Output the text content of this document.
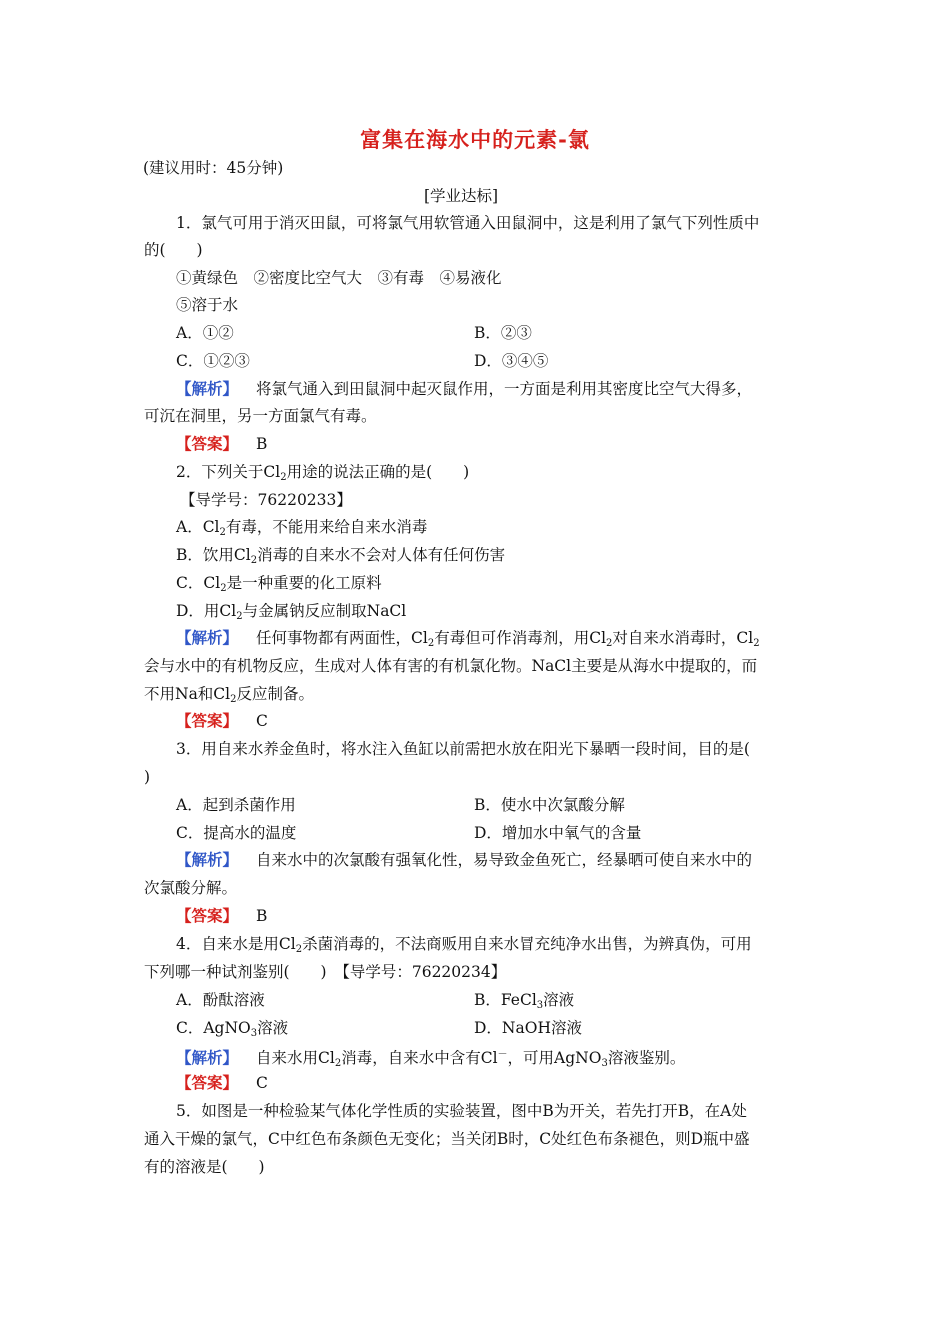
富集在海水中的元素-氯
(建议用时：45分钟)
[学业达标]
1．氯气可用于消灭田鼠，可将氯气用软管通入田鼠洞中，这是利用了氯气下列性质中
的(　　)
①黄绿色　②密度比空气大　③有毒　④易液化
⑤溶于水
A．①②	B．②③
C．①②③	D．③④⑤
【解析】 将氯气通入到田鼠洞中起灭鼠作用，一方面是利用其密度比空气大得多，
可沉在洞里，另一方面氯气有毒。
【答案】 B
2．下列关于$Cl_2$用途的说法正确的是(　　)
【导学号：76220233】
A．$Cl_2$有毒，不能用来给自来水消毒
B．饮用$Cl_2$消毒的自来水不会对人体有任何伤害
C．$Cl_2$是一种重要的化工原料
D．用$Cl_2$与金属钠反应制取NaCl
【解析】 任何事物都有两面性，$Cl_2$有毒但可作消毒剂，用$Cl_2$对自来水消毒时，$Cl_2$
会与水中的有机物反应，生成对人体有害的有机氯化物。NaCl主要是从海水中提取的，而
不用Na和$Cl_2$反应制备。
【答案】 C
3．用自来水养金鱼时，将水注入鱼缸以前需把水放在阳光下暴晒一段时间，目的是(
)
A．起到杀菌作用	B．使水中次氯酸分解
C．提高水的温度	D．增加水中氧气的含量
【解析】 自来水中的次氯酸有强氧化性，易导致金鱼死亡，经暴晒可使自来水中的
次氯酸分解。
【答案】 B
4．自来水是用$Cl_2$杀菌消毒的，不法商贩用自来水冒充纯净水出售，为辨真伪，可用
下列哪一种试剂鉴别(　　)　【导学号：76220234】
A．酚酞溶液	B．FeCl$_3$溶液
C．AgNO$_3$溶液	D．NaOH溶液
【解析】 自来水用$Cl_2$消毒，自来水中含有Cl－，可用AgNO$_3$溶液鉴别。
【答案】 C
5．如图是一种检验某气体化学性质的实验装置，图中B为开关，若先打开B，在A处
通入干燥的氯气，C中红色布条颜色无变化；当关闭B时，C处红色布条褪色，则D瓶中盛
有的溶液是(　　)
